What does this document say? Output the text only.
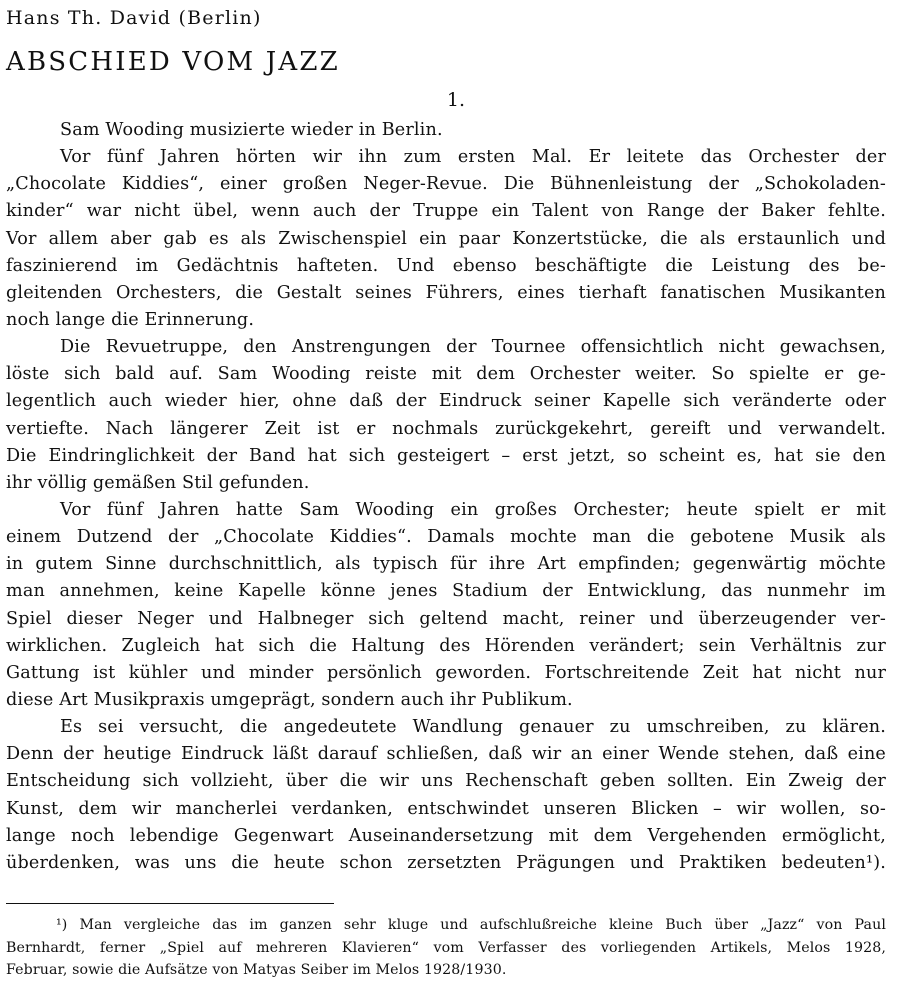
Hans Th. David (Berlin)
ABSCHIED VOM JAZZ
1.
Sam Wooding musizierte wieder in Berlin.
Vor fünf Jahren hörten wir ihn zum ersten Mal. Er leitete das Orchester der
„Chocolate Kiddies“, einer großen Neger-Revue. Die Bühnenleistung der „Schokoladen-
kinder“ war nicht übel, wenn auch der Truppe ein Talent von Range der Baker fehlte.
Vor allem aber gab es als Zwischenspiel ein paar Konzertstücke, die als erstaunlich und
faszinierend im Gedächtnis hafteten. Und ebenso beschäftigte die Leistung des be-
gleitenden Orchesters, die Gestalt seines Führers, eines tierhaft fanatischen Musikanten
noch lange die Erinnerung.
Die Revuetruppe, den Anstrengungen der Tournee offensichtlich nicht gewachsen,
löste sich bald auf. Sam Wooding reiste mit dem Orchester weiter. So spielte er ge-
legentlich auch wieder hier, ohne daß der Eindruck seiner Kapelle sich veränderte oder
vertiefte. Nach längerer Zeit ist er nochmals zurückgekehrt, gereift und verwandelt.
Die Eindringlichkeit der Band hat sich gesteigert – erst jetzt, so scheint es, hat sie den
ihr völlig gemäßen Stil gefunden.
Vor fünf Jahren hatte Sam Wooding ein großes Orchester; heute spielt er mit
einem Dutzend der „Chocolate Kiddies“. Damals mochte man die gebotene Musik als
in gutem Sinne durchschnittlich, als typisch für ihre Art empfinden; gegenwärtig möchte
man annehmen, keine Kapelle könne jenes Stadium der Entwicklung, das nunmehr im
Spiel dieser Neger und Halbneger sich geltend macht, reiner und überzeugender ver-
wirklichen. Zugleich hat sich die Haltung des Hörenden verändert; sein Verhältnis zur
Gattung ist kühler und minder persönlich geworden. Fortschreitende Zeit hat nicht nur
diese Art Musikpraxis umgeprägt, sondern auch ihr Publikum.
Es sei versucht, die angedeutete Wandlung genauer zu umschreiben, zu klären.
Denn der heutige Eindruck läßt darauf schließen, daß wir an einer Wende stehen, daß eine
Entscheidung sich vollzieht, über die wir uns Rechenschaft geben sollten. Ein Zweig der
Kunst, dem wir mancherlei verdanken, entschwindet unseren Blicken – wir wollen, so-
lange noch lebendige Gegenwart Auseinandersetzung mit dem Vergehenden ermöglicht,
überdenken, was uns die heute schon zersetzten Prägungen und Praktiken bedeuten¹).
¹) Man vergleiche das im ganzen sehr kluge und aufschlußreiche kleine Buch über „Jazz“ von Paul
Bernhardt, ferner „Spiel auf mehreren Klavieren“ vom Verfasser des vorliegenden Artikels, Melos 1928,
Februar, sowie die Aufsätze von Matyas Seiber im Melos 1928/1930.
